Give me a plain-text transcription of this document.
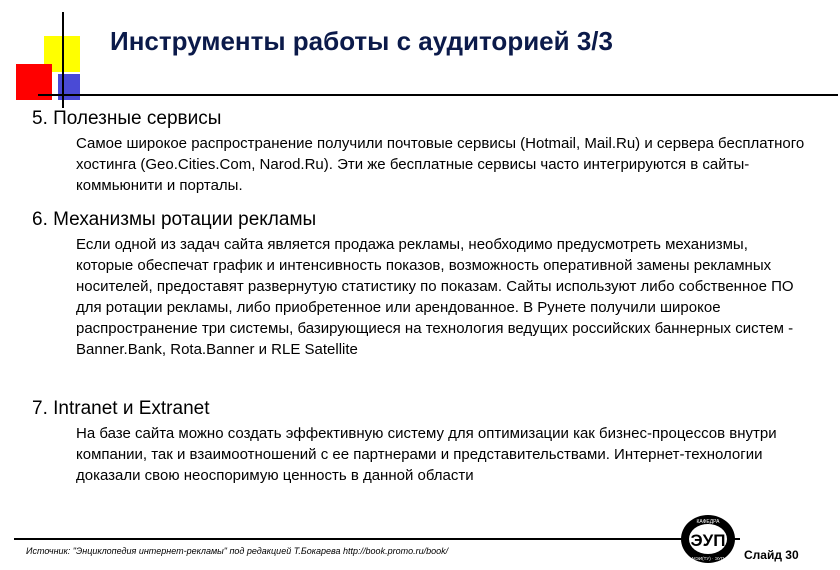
Инструменты работы с аудиторией 3/3
5. Полезные сервисы
Самое широкое распространение получили почтовые сервисы (Hotmail, Mail.Ru) и сервера бесплатного хостинга (Geo.Cities.Com, Narod.Ru). Эти же бесплатные сервисы часто интегрируются в сайты-коммьюнити и порталы.
6. Механизмы ротации рекламы
Если одной из задач сайта является продажа рекламы, необходимо предусмотреть механизмы, которые обеспечат график и интенсивность показов, возможность оперативной замены рекламных носителей, предоставят развернутую статистику по показам. Сайты используют либо собственное ПО для ротации рекламы, либо приобретенное или арендованное. В Рунете получили широкое распространение три системы, базирующиеся на технология ведущих российских баннерных систем - Banner.Bank, Rota.Banner и RLE Satellite
7. Intranet и Extranet
На базе сайта можно создать эффективную систему для оптимизации как бизнес-процессов внутри компании, так и взаимоотношений с ее партнерами и представительствами. Интернет-технологии доказали свою неоспоримую ценность в данной области
Источник: "Энциклопедия интернет-рекламы" под редакцией Т.Бокарева http://book.promo.ru/book/
КАФЕДРА
ЭУП
МЭИ(ТУ) · ЭУП Слайд 30
